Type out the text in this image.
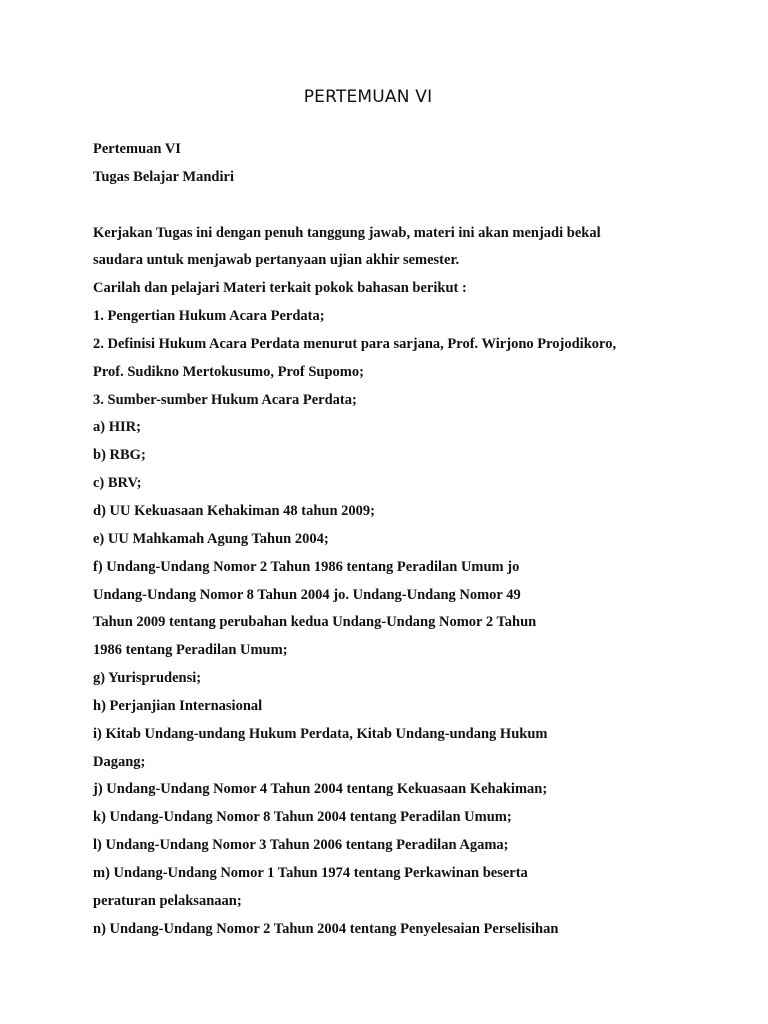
PERTEMUAN VI
Pertemuan VI
Tugas Belajar Mandiri
Kerjakan Tugas ini dengan penuh tanggung jawab, materi ini akan menjadi bekal
saudara untuk menjawab pertanyaan ujian akhir semester.
Carilah dan pelajari Materi terkait pokok bahasan berikut :
1. Pengertian Hukum Acara Perdata;
2. Definisi Hukum Acara Perdata menurut para sarjana, Prof. Wirjono Projodikoro,
Prof. Sudikno Mertokusumo, Prof Supomo;
3. Sumber-sumber Hukum Acara Perdata;
a) HIR;
b) RBG;
c) BRV;
d) UU Kekuasaan Kehakiman 48 tahun 2009;
e) UU Mahkamah Agung Tahun 2004;
f) Undang-Undang Nomor 2 Tahun 1986 tentang Peradilan Umum jo
Undang-Undang Nomor 8 Tahun 2004 jo. Undang-Undang Nomor 49
Tahun 2009 tentang perubahan kedua Undang-Undang Nomor 2 Tahun
1986 tentang Peradilan Umum;
g) Yurisprudensi;
h) Perjanjian Internasional
i) Kitab Undang-undang Hukum Perdata, Kitab Undang-undang Hukum
Dagang;
j) Undang-Undang Nomor 4 Tahun 2004 tentang Kekuasaan Kehakiman;
k) Undang-Undang Nomor 8 Tahun 2004 tentang Peradilan Umum;
l) Undang-Undang Nomor 3 Tahun 2006 tentang Peradilan Agama;
m) Undang-Undang Nomor 1 Tahun 1974 tentang Perkawinan beserta
peraturan pelaksanaan;
n) Undang-Undang Nomor 2 Tahun 2004 tentang Penyelesaian Perselisihan
